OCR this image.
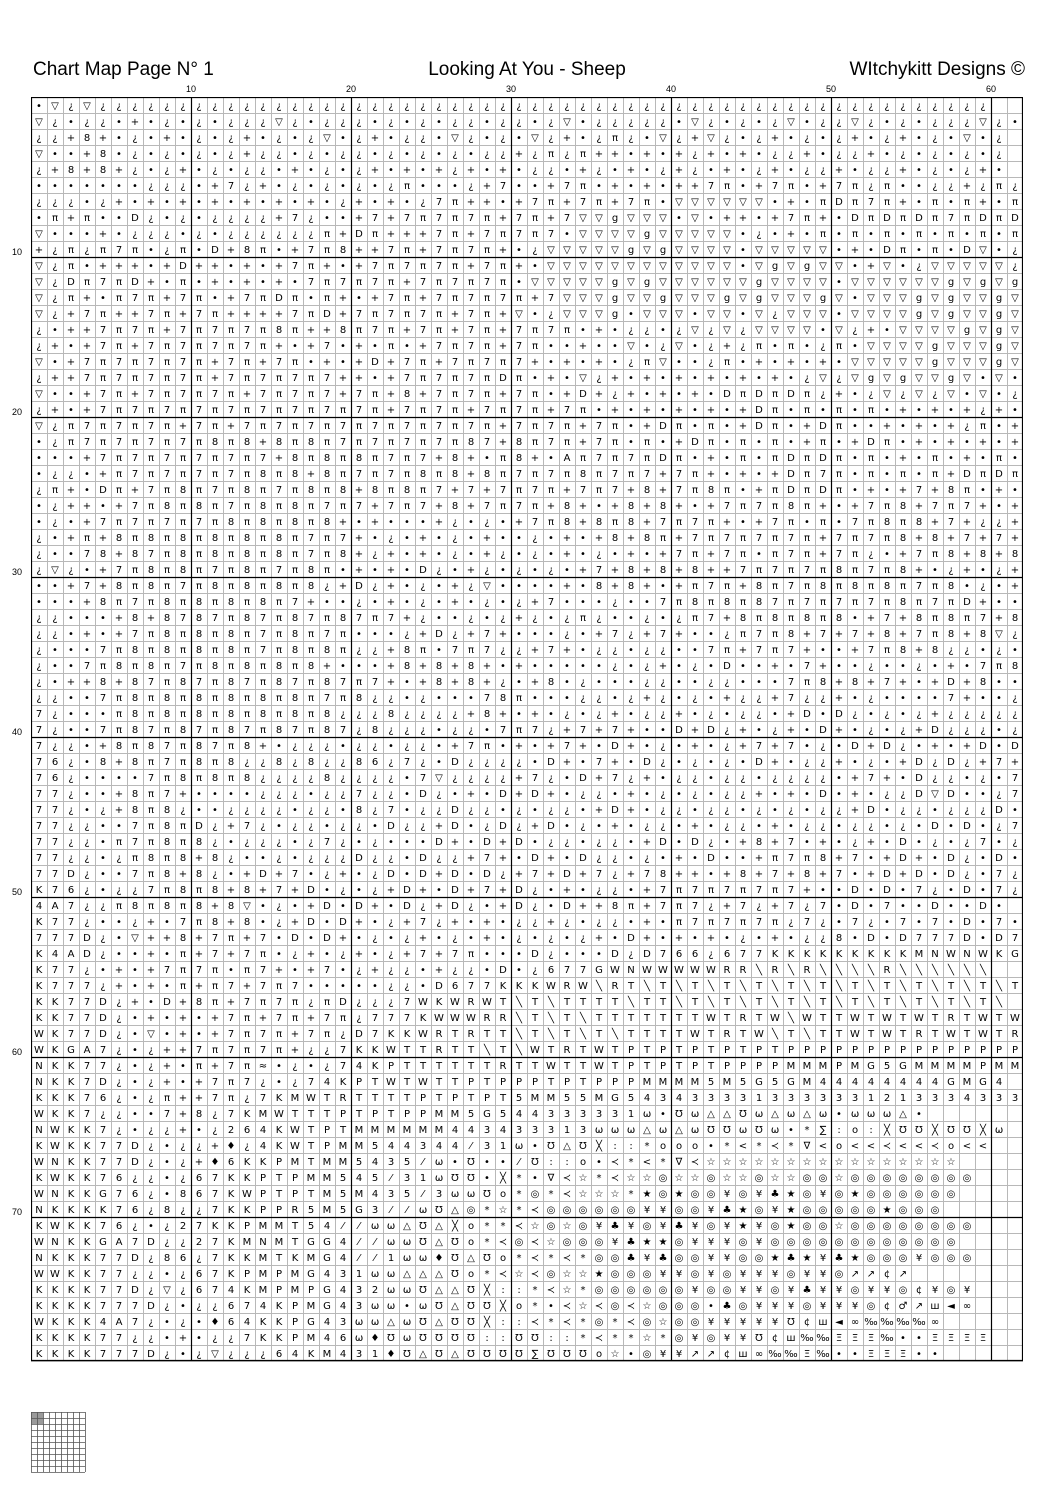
Chart Map Page N° 1	Looking At You - Sheep	WItchykitt Designs ©
10	20	30	40	50	60
10
20
30
40
50
60
70
• ▽ ¿ ▽ ¿ ¿ ¿ ¿ ¿ ¿ ¿ ¿ ¿ ¿ ¿ ¿ ¿ ¿ ¿ ¿ ¿ ¿ ¿ ¿ ¿ ¿ ¿ ¿ ¿ ¿ ¿ ¿ ¿ ¿ ¿ ¿ ¿ ¿ ¿ ¿ ¿ ¿ ¿ ¿ ¿ ¿ ¿ ¿ ¿ ¿ ¿ ¿ ¿ ¿ ¿ ¿ ¿ ¿ ¿ ¿
▽ ¿ • ¿ ¿ • + • ¿ • ¿ • ¿ ¿ ¿ ▽ ¿ • ¿ ¿ ¿ • ¿ • ¿ • ¿ ¿ • ¿ ¿ • ¿ ▽ • ¿ ¿ ¿ ¿ ¿ • ▽ ¿ • ¿ • ¿ ▽ • ¿ ¿ ▽ ¿ • ¿ • ¿ ¿ ¿ ▽ ¿ •
¿ ¿ + 8 + • ¿ • + • ¿ • ¿ + • ¿ • ¿ ▽ • ¿ + • ¿ ¿ • ▽ ¿ • ¿ • ▽ ¿ + • ¿ π ¿ • ▽ ¿ + ▽ ¿ • ¿ + • ¿ • ¿ + • ¿ + • ¿ • ▽ • ¿
▽ • • + 8 • ¿ • ¿ • ¿ • ¿ + ¿ ¿ • ¿ • ¿ ¿ • ¿ • ¿ • ¿ • ¿ ¿ + ¿ π ¿ π + + • + • + ¿ + • + • ¿ ¿ + • ¿ ¿ + • ¿ • ¿ • ¿ • ¿
¿ + 8 + 8 + ¿ • ¿ + • ¿ • ¿ ¿ • + • ¿ • ¿ + • + • + ¿ + • + • ¿ ¿ • + ¿ • + • ¿ + ¿ • + • ¿ + • ¿ ¿ + • ¿ ¿ + • ¿ • ¿ + •
• • • • • • • ¿ ¿ ¿ • + 7 ¿ + • ¿ • ¿ • ¿ • ¿ π • • • ¿ + 7 • • + 7 π • + • + • + + 7 π • + 7 π • + 7 π ¿ π • • ¿ ¿ + ¿ π ¿
¿ ¿ ¿ • ¿ + • + • + • + • + • + • + • ¿ + • + • ¿ 7 π + + • + 7 π + 7 π + 7 π • ▽ ▽ ▽ ▽ ▽ ▽ • + • π D π 7 π + • π • π + • π
• π + π • • D ¿ • ¿ • ¿ ¿ ¿ ¿ + 7 ¿ • • + 7 + 7 π 7 π 7 π + 7 π + 7 ▽ ▽ g ▽ ▽ ▽ • ▽ • + + • + 7 π + • D π D π D π 7 π D π D
▽ • • • + • ¿ ¿ ¿ • ¿ • ¿ ¿ ¿ ¿ ¿ ¿ π + D π + + + 7 π + 7 π 7 π 7 • ▽ ▽ ▽ ▽ g ▽ ▽ ▽ ▽ ▽ • ¿ • + • π • π • π • π • π • π • π
+ ¿ π ¿ π 7 π • ¿ π • D + 8 π • + 7 π 8 + + 7 π + 7 π 7 π + • ¿ ▽ ▽ ▽ ▽ ▽ g ▽ g ▽ ▽ ▽ ▽ • ▽ ▽ ▽ ▽ ▽ • + • D π • π • D ▽ • ¿
▽ ¿ π • + + + • + D + + • + • + 7 π + • + 7 π 7 π 7 π + 7 π + • ▽ ▽ ▽ ▽ ▽ ▽ ▽ ▽ ▽ ▽ ▽ ▽ • ▽ g ▽ g ▽ ▽ • + ▽ • ¿ ▽ ▽ ▽ ▽ ▽ ¿
▽ ¿ D π 7 π D + • π • + • + • + • 7 π 7 π 7 π + 7 π 7 π 7 π • ▽ ▽ ▽ ▽ ▽ g ▽ g ▽ ▽ ▽ ▽ ▽ ▽ g ▽ ▽ ▽ ▽ • ▽ ▽ ▽ ▽ ▽ ▽ g ▽ g ▽ g
▽ ¿ π + • π 7 π + 7 π • + 7 π D π • π + • + 7 π + 7 π 7 π 7 π + 7 ▽ ▽ ▽ g ▽ ▽ g ▽ ▽ ▽ g ▽ g ▽ ▽ ▽ g ▽ • ▽ ▽ ▽ g ▽ g ▽ ▽ g ▽
▽ ¿ + 7 π + + 7 π + 7 π + + + + 7 π D + 7 π 7 π 7 π + 7 π + ▽ • ¿ ▽ ▽ ▽ g • ▽ ▽ ▽ • ▽ ▽ • ▽ ¿ ▽ ▽ ▽ • ▽ ▽ ▽ ▽ g ▽ g ▽ ▽ g ▽
¿ • + + 7 π 7 π + 7 π 7 π 7 π 8 π + + 8 π 7 π + 7 π + 7 π + 7 π 7 π • + • ¿ ¿ • ¿ ▽ ¿ ▽ ¿ ▽ ▽ ▽ ▽ • ▽ ¿ + • ▽ ▽ ▽ ▽ g ▽ g ▽
¿ + • + 7 π + 7 π 7 π 7 π 7 π + • + 7 • + • π • + 7 π 7 π + 7 π • • + • • ▽ • ¿ ▽ • ¿ + ¿ π • π • ¿ π • ▽ ▽ ▽ ▽ g ▽ ▽ ▽ g ▽
▽ • + 7 π 7 π 7 π 7 π + 7 π + 7 π • + • + D + 7 π + 7 π 7 π 7 + • + • + • ¿ π ▽ • • ¿ π • + • + • + • ▽ ▽ ▽ ▽ ▽ g ▽ ▽ ▽ g ▽
¿ + + 7 π 7 π 7 π 7 π + 7 π 7 π 7 π 7 + + • + 7 π 7 π 7 π D π • + • ▽ ¿ + • + • + • + • + • + • ¿ ▽ ¿ ▽ g ▽ g ▽ ▽ g ▽ • ▽ •
▽ • • + 7 π + 7 π 7 π 7 π + 7 π 7 π 7 + 7 π + 8 + 7 π 7 π + 7 π • + D + ¿ + • + • + • D π D π D π ¿ + • ¿ ▽ ¿ ▽ ¿ ▽ • ▽ • ¿
¿ + • + 7 π 7 π 7 π 7 π 7 π 7 π 7 π 7 π 7 π + 7 π 7 π + 7 π 7 π + 7 π • + • + • + • + • + D π • π • π • π • + • + • + ¿ + •
▽ ¿ π 7 π 7 π 7 π + 7 π + 7 π 7 π 7 π 7 π 7 π 7 π 7 π 7 π + 7 π 7 π + 7 π • + D π • π • + D π • + D π • • + • + • + ¿ π • +
• ¿ π 7 π 7 π 7 π 7 π 8 π 8 + 8 π 8 π 7 π 7 π 7 π 7 π 8 7 + 8 π 7 π + 7 π • π • + D π • π • π • + π • + D π • + • + • + • +
• • • + 7 π 7 π 7 π 7 π 7 π 7 + 8 π 8 π 8 π 7 π 7 + 8 + • π 8 + • A π 7 π 7 π D π • + • π • π D π D π • π • + • π • + • π •
• ¿ ¿ • + π 7 π 7 π 7 π 7 π 8 π 8 + 8 π 7 π 7 π 8 π 8 + 8 π 7 π 7 π 8 π 7 π 7 + 7 π + • + • + D π 7 π • π • π • π + D π D π
¿ π + • D π + 7 π 8 π 7 π 8 π 7 π 8 π 8 + 8 π 8 π 7 + 7 + 7 π 7 π + 7 π 7 + 8 + 7 π 8 π • + π D π D π • + • + 7 + 8 π • + •
• ¿ + + • + 7 π 8 π 8 π 7 π 8 π 8 π 7 π 7 + 7 π 7 + 8 + 7 π 7 π + 8 + • + 8 + 8 + • + 7 π 7 π 8 π + • + 7 π 8 + 7 π 7 + • +
• ¿ • + 7 π 7 π 7 π 7 π 8 π 8 π 8 π 8 + • + • • • + ¿ • ¿ • + 7 π 8 + 8 π 8 + 7 π 7 π + • + 7 π • π • 7 π 8 π 8 + 7 + ¿ ¿ +
¿ • + π + 8 π 8 π 8 π 8 π 8 π 8 π 7 π 7 + • ¿ • + • ¿ • + • • ¿ • + • + 8 + 8 π + 7 π 7 π 7 π 7 π + 7 π 7 π 8 + 8 + 7 + 7 +
¿ • • 7 8 + 8 7 π 8 π 8 π 8 π 8 π 7 π 8 + ¿ + • + • ¿ • + ¿ • ¿ • + • ¿ • + • + 7 π + 7 π • π 7 π + 7 π ¿ • + 7 π 8 + 8 + 8
¿ ▽ ¿ • + 7 π 8 π 8 π 7 π 8 π 7 π 8 π • + • + • D ¿ • + ¿ • ¿ • ¿ • + 7 + 8 + 8 + 8 + + 7 π 7 π 7 π 8 π 7 π 8 + • ¿ + • ¿ +
• • + 7 + 8 π 8 π 7 π 8 π 8 π 8 π 8 ¿ + D ¿ + • ¿ • + ¿ ▽ • • • • + • 8 + 8 + • + π 7 π + 8 π 7 π 8 π 8 π 8 π 7 π 8 • ¿ • +
• • • + 8 π 7 π 8 π 8 π 8 π 8 π 7 + • • ¿ • + • ¿ • + • ¿ • ¿ + 7 • • • ¿ • • 7 π 8 π 8 π 8 7 π 7 π 7 π 7 π 8 π 7 π D + • •
¿ ¿ • • • + 8 + 8 7 8 7 π 8 7 π 8 7 π 8 7 π 7 + ¿ • • ¿ • ¿ + ¿ • ¿ π ¿ • • ¿ • ¿ π 7 + 8 π 8 π 8 π 8 • + 7 + 8 π 8 π 7 + 8
¿ ¿ • + • + 7 π 8 π 8 π 8 π 7 π 8 π 7 π • • • ¿ + D ¿ + 7 + • • • ¿ • + 7 ¿ + 7 + • • ¿ π 7 π 8 + 7 + 7 + 8 + 7 π 8 + 8 ▽ ¿
¿ • • • 7 π 8 π 8 π 8 π 8 π 7 π 8 π 8 π ¿ ¿ + 8 π • 7 π 7 ¿ ¿ + 7 + • ¿ ¿ • ¿ ¿ • • 7 π + 7 π 7 + • • + 7 π 8 + 8 ¿ ¿ • ¿ •
¿ • • 7 π 8 π 8 π 7 π 8 π 8 π 8 π 8 + • • • + 8 + 8 + 8 + • + • • • • • ¿ • ¿ + • ¿ • D • • + • 7 + • • ¿ • • ¿ • + • 7 π 8
¿ • + + 8 + 8 7 π 8 7 π 8 7 π 8 7 π 8 7 π 7 + • + 8 + 8 + ¿ • + 8 • ¿ • • • ¿ ¿ • • ¿ ¿ • • • 7 π 8 + 8 + 7 + • + D + 8 • •
¿ ¿ • • 7 π 8 π 8 π 8 π 8 π 8 π 8 π 7 π 8 ¿ ¿ • ¿ • • • 7 8 π • • • ¿ ¿ • ¿ + ¿ • ¿ • + ¿ ¿ + 7 ¿ ¿ + • ¿ • • • • 7 + • • ¿
7 ¿ • • • π 8 π 8 π 8 π 8 π 8 π 8 π 8 ¿ ¿ ¿ 8 ¿ ¿ ¿ ¿ + 8 + • + • ¿ • ¿ + • ¿ ¿ + • ¿ • ¿ ¿ • + D • D ¿ • ¿ • ¿ + ¿ ¿ ¿ ¿ ¿
7 ¿ • • 7 π 8 7 π 8 7 π 8 7 π 8 7 π 8 7 ¿ 8 ¿ ¿ ¿ • ¿ ¿ • 7 π 7 ¿ + 7 + 7 + • • D + D ¿ + • ¿ + • D + • ¿ • ¿ + D ¿ ¿ ¿ • ¿
7 ¿ ¿ • + 8 π 8 7 π 8 7 π 8 + • ¿ ¿ ¿ • ¿ ¿ • ¿ ¿ • + 7 π • + • + 7 + • D + • ¿ • + • ¿ + 7 + 7 • ¿ • D + D ¿ • + • + D • D
7 6 ¿ • 8 + 8 π 7 π 8 π 8 ¿ ¿ 8 ¿ 8 ¿ ¿ 8 6 ¿ 7 ¿ • D ¿ ¿ ¿ ¿ • D + • 7 + • D ¿ • ¿ • ¿ • D + • ¿ ¿ + • ¿ • + D ¿ D ¿ + 7 +
7 6 ¿ • • • • 7 π 8 π 8 π 8 ¿ ¿ ¿ ¿ 8 ¿ ¿ ¿ ¿ • 7 ▽ ¿ ¿ ¿ ¿ + 7 ¿ • D + 7 ¿ + • ¿ ¿ • ¿ ¿ • ¿ ¿ ¿ ¿ • + 7 + • D ¿ ¿ • ¿ • 7
7 7 ¿ • • + 8 π 7 + • • • • ¿ ¿ ¿ • ¿ ¿ 7 ¿ ¿ • D ¿ • + • D + D + • ¿ ¿ • + • ¿ • ¿ • ¿ ¿ + • + • D • + • ¿ ¿ D ▽ D • • ¿ 7
7 7 ¿ • ¿ + 8 π 8 ¿ • • ¿ ¿ ¿ ¿ • ¿ ¿ • 8 ¿ 7 • ¿ ¿ D ¿ ¿ • ¿ • ¿ ¿ • + D + • ¿ ¿ • ¿ ¿ • ¿ • ¿ • ¿ ¿ + D • ¿ ¿ • ¿ ¿ ¿ D •
7 7 ¿ ¿ • • 7 π 8 π D ¿ + 7 ¿ • ¿ ¿ • ¿ ¿ • D ¿ ¿ + D • ¿ D ¿ + D • ¿ • + • ¿ ¿ • + • ¿ ¿ • + • ¿ ¿ • ¿ ¿ • ¿ • D • D • ¿ 7
7 7 ¿ ¿ • π 7 π 8 π 8 ¿ • ¿ ¿ ¿ • ¿ 7 ¿ • ¿ • • • D + • D + D • ¿ ¿ • ¿ ¿ • + D • D ¿ • + 8 + 7 • + • ¿ + • D • ¿ • ¿ 7 • ¿
7 7 ¿ ¿ • ¿ π 8 π 8 + 8 ¿ • • ¿ • ¿ ¿ ¿ D ¿ ¿ • D ¿ ¿ + 7 + • D + • D ¿ ¿ • ¿ • + • D • • + π 7 π 8 + 7 • + D + • D ¿ • D •
7 7 D ¿ • • 7 π 8 + 8 ¿ • + D + 7 • ¿ + • ¿ D • D + D • D ¿ + 7 + D + 7 ¿ + 7 8 + + • + 8 + 7 + 8 + 7 • + D + D • D ¿ • 7 ¿
K 7 6 ¿ • ¿ ¿ 7 π 8 π 8 + 8 + 7 + D • ¿ • ¿ + D + • D + 7 + D ¿ • + • ¿ ¿ • + 7 π 7 π 7 π 7 π 7 + • • D • D • 7 ¿ • D • 7 ¿
4 A 7 ¿ ¿ π 8 π 8 π 8 + 8 ▽ • ¿ • + D • D + • D ¿ + D ¿ • + D ¿ • D + + 8 π + 7 π 7 ¿ + 7 ¿ + 7 ¿ 7 • D • 7 • • D • • D •
K 7 7 ¿ • • ¿ + • 7 π 8 + 8 • ¿ + D • D + • ¿ + 7 ¿ + • + • ¿ ¿ + ¿ • ¿ ¿ • + • π 7 π 7 π 7 π ¿ 7 ¿ • 7 ¿ • 7 • 7 • D • 7 •
7 7 7 D ¿ • ▽ + + 8 + 7 π + 7 • D • D + • ¿ • ¿ + • ¿ • + • ¿ • ¿ • ¿ + • D + • + • + • ¿ • + • ¿ ¿ 8 • D • D 7 7 7 D • D 7
K 4 A D ¿ • • + • π + 7 + 7 π • ¿ + • ¿ + • ¿ + 7 + 7 π • • • D ¿ • • • D ¿ D 7 6 6 ¿ 6 7 7 K K K K K K K K K M N W N W K G
K 7 7 ¿ • + • + 7 π 7 π • π 7 + • + 7 • ¿ + ¿ ¿ • + ¿ ¿ • D • ¿ 6 7 7 G W N W W W W W R R ╲ R ╲ R ╲ ╲ ╲ ╲ R ╲ ╲ ╲ ╲ ╲ ╲
K 7 7 7 ¿ + • + • π + π 7 + 7 π 7 • • • • • ¿ ¿ • D 6 7 7 K K K W R W ╲ R T ╲ T ╲ T ╲ T ╲ T ╲ T ╲ T ╲ T ╲ T ╲ T ╲ T ╲ T ╲ T
K K 7 7 D ¿ + • D + 8 π + 7 π 7 π ¿ π D ¿ ¿ ¿ 7 W K W R W T ╲ T ╲ T T T T ╲ T T ╲ T ╲ T ╲ T ╲ T ╲ T ╲ T ╲ T ╲ T ╲ T ╲ T ╲
K K 7 7 D ¿ • + • + • + 7 π + 7 π + 7 π ¿ 7 7 7 K W W W R R ╲ T ╲ T ╲ T T T T T T T W T R T W ╲ W T T W T W T W T R T W T W
W K 7 7 D ¿ • ▽ • + • + 7 π 7 π + 7 π ¿ D 7 K K W R T R T T ╲ T ╲ T ╲ T ╲ T T T T W T R T W ╲ T ╲ T T W T W T R T W T W T R
W K G A 7 ¿ • ¿ + + 7 π 7 π 7 π + ¿ ¿ 7 K K W T T R T T ╲ T ╲ W T R T W T P T P T P T P T P T P P P P P P P P P P P P P P P
N K K 7 7 ¿ • ¿ + • π + 7 π ≈ • ¿ • ¿ 7 4 K P T T T T T T R T T W T T W T P T P T P T P P P P M M M P M G 5 G M M M M P M M
N K K 7 D ¿ • ¿ + • + 7 π 7 ¿ • ¿ 7 4 K P T W T W T T P T P P P T P T P P P M M M M 5 M 5 G 5 G M 4 4 4 4 4 4 4 4 G M G 4
K K K 7 6 ¿ • ¿ π + + 7 π ¿ 7 K M W T R T T T T P T P T P T 5 M M 5 5 M G 5 4 3 4 3 3 3 3 1 3 3 3 3 3 3 1 2 1 3 3 3 4 3 3 3
W K K 7 ¿ ¿ • • 7 + 8 ¿ 7 K M W T T T P T P T P P M M 5 G 5 4 4 3 3 3 3 3 1 ω • Ʊ ω △ △ Ʊ ω △ ω △ ω • ω ω ω △ •
N W K K 7 ¿ • ¿ ¿ + • ¿ 2 6 4 K W T P T M M M M M M 4 4 3 4 3 3 3 1 3 ω ω ω △ ω △ ω Ʊ Ʊ ω Ʊ ω • * ∑ : o : ╳ Ʊ Ʊ ╳ Ʊ Ʊ ╳ ω
K W K K 7 7 D ¿ • ¿ ¿ + ♦ ¿ 4 K W T P M M 5 4 4 3 4 4 ⁄ 3 1 ω • Ʊ △ Ʊ ╳ : : * o o o • * < * ≺ * ∇ < o < < ≺ < < ≺ o < <
W N K K 7 7 D ¿ • ¿ + ♦ 6 K K P M T M M 5 4 3 5 ⁄ ω • Ʊ • • ⁄ Ʊ : : o • ≺ * < * ∇ ≺ ☆ ☆ ☆ ☆ ☆ ☆ ☆ ☆ ☆ ☆ ☆ ☆ ☆ ☆ ☆ ☆
K W K K 7 6 ¿ ¿ • ¿ 6 7 K K P T P M M 5 4 5 ⁄ 3 1 ω Ʊ Ʊ • ╳ * • ∇ ≺ ☆ * ≺ ☆ ☆ ◎ ☆ ☆ ◎ ☆ ☆ ◎ ☆ ☆ ◎ ◎ ☆ ◎ ◎ ◎ ◎ ◎ ◎ ◎ ◎
W N K K G 7 6 ¿ • 8 6 7 K W P T P T M 5 M 4 3 5 ⁄ 3 ω ω Ʊ o * ◎ * ≺ ☆ ☆ ☆ * ★ ◎ ★ ◎ ◎ ¥ ◎ ¥ ♣ ★ ◎ ¥ ◎ ★ ◎ ◎ ◎ ◎ ◎ ◎
N K K K K 7 6 ¿ 8 ¿ ¿ 7 K K P P R 5 M 5 G 3 ⁄ ⁄ ω Ʊ △ ◎ * ☆ * ≺ ◎ ◎ ◎ ◎ ◎ ◎ ¥ ¥ ◎ ◎ ¥ ♣ ★ ◎ ¥ ★ ◎ ◎ ◎ ◎ ◎ ★ ◎ ◎ ◎
K W K K 7 6 ¿ • ¿ 2 7 K K P M M T 5 4 ⁄ ⁄ ω ω △ Ʊ △ ╳ o * * ≺ ☆ ◎ ☆ ◎ ¥ ♣ ¥ ◎ ¥ ♣ ¥ ◎ ¥ ★ ¥ ◎ ★ ◎ ◎ ☆ ◎ ◎ ◎ ◎ ◎ ◎ ◎ ◎
W N K K G A 7 D ¿ ¿ 2 7 K M N M T G G 4 ⁄ ⁄ ω ω Ʊ △ Ʊ o * ≺ ◎ ≺ ☆ ◎ ◎ ◎ ¥ ♣ ★ ★ ◎ ¥ ¥ ¥ ◎ ¥ ◎ ◎ ◎ ◎ ◎ ◎ ◎ ◎ ◎ ◎ ◎ ◎
N K K K 7 7 D ¿ 8 6 ¿ 7 K K M T K M G 4 ⁄ ⁄ 1 ω ω ♦ Ʊ △ Ʊ o * ≺ * ≺ * ◎ ◎ ♣ ¥ ♣ ◎ ◎ ¥ ¥ ◎ ◎ ★ ♣ ★ ¥ ♣ ★ ◎ ◎ ◎ ¥ ◎ ◎ ◎
W W K K 7 7 ¿ ¿ • ¿ 6 7 K P M P M G 4 3 1 ω ω △ △ △ Ʊ o * ≺ ☆ ≺ ◎ ☆ ☆ ★ ◎ ◎ ◎ ¥ ¥ ◎ ¥ ◎ ¥ ¥ ¥ ◎ ¥ ¥ ◎ ↗ ↗ ¢ ↗
K K K K 7 7 D ¿ ▽ ¿ 6 7 4 K M P M P G 4 3 2 ω ω Ʊ △ △ Ʊ ╳ : : * ≺ ☆ * ◎ ◎ ◎ ◎ ◎ ◎ ¥ ◎ ◎ ¥ ¥ ◎ ¥ ♣ ¥ ¥ ◎ ¥ ¥ ◎ ¢ ¥ ◎ ¥
K K K K 7 7 7 D ¿ • ¿ ¿ 6 7 4 K P M G 4 3 ω ω • ω Ʊ △ Ʊ Ʊ ╳ o * • ≺ ☆ ≺ ◎ ≺ ☆ ◎ ◎ ◎ • ♣ ◎ ¥ ¥ ¥ ◎ ¥ ¥ ¥ ◎ ¢ ♂ ↗ ш ◄ ∞
W K K K 4 A 7 ¿ • ¿ • ♦ 6 4 K K P G 4 3 ω ω △ ω Ʊ △ Ʊ Ʊ ╳ : : ≺ * ≺ * ◎ * ≺ ◎ ☆ ◎ ◎ ¥ ¥ ¥ ¥ ¥ Ʊ ¢ ш ◄ ∞ ‰ ‰ ‰ ‰ ∞
K K K K 7 7 ¿ ¿ • + • ¿ ¿ 7 K K P M 4 6 ω ♦ Ʊ ω Ʊ Ʊ Ʊ Ʊ : : Ʊ Ʊ : : * ≺ * * ☆ * ◎ ¥ ◎ ¥ ¥ Ʊ ¢ ш ‰ ‰ Ξ Ξ Ξ ‰ • • Ξ Ξ Ξ Ξ
K K K K 7 7 7 D ¿ • ¿ ▽ ¿ ¿ ¿ 6 4 K M 4 3 1 ♦ Ʊ △ Ʊ △ Ʊ Ʊ Ʊ Ʊ ∑ Ʊ Ʊ Ʊ o ☆ • ◎ ¥ ¥ ↗ ↗ ¢ ш ∞ ‰ ‰ Ξ ‰ • • Ξ Ξ Ξ • •
